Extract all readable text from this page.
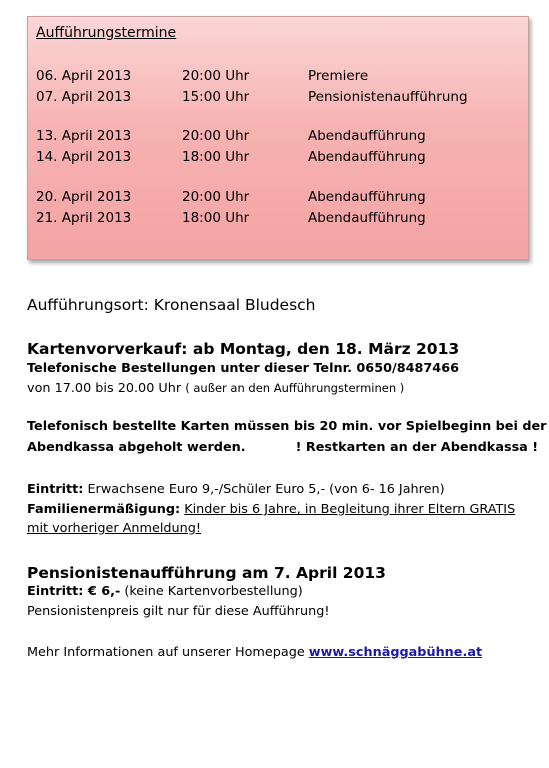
Aufführungstermine
06. April 2013	20:00 Uhr	Premiere
07. April 2013	15:00 Uhr	Pensionistenaufführung
13. April 2013	20:00 Uhr	Abendaufführung
14. April 2013	18:00 Uhr	Abendaufführung
20. April 2013	20:00 Uhr	Abendaufführung
21. April 2013	18:00 Uhr	Abendaufführung
Aufführungsort: Kronensaal Bludesch
Kartenvorverkauf: ab Montag, den 18. März 2013
Telefonische Bestellungen unter dieser Telnr. 0650/8487466
von 17.00 bis 20.00 Uhr ( außer an den Aufführungsterminen )
Telefonisch bestellte Karten müssen bis 20 min. vor Spielbeginn bei der
Abendkassa abgeholt werden.	! Restkarten an der Abendkassa !
Eintritt: Erwachsene Euro 9,-/Schüler Euro 5,- (von 6- 16 Jahren)
Familienermäßigung: Kinder bis 6 Jahre, in Begleitung ihrer Eltern GRATIS
mit vorheriger Anmeldung!
Pensionistenaufführung am 7. April 2013
Eintritt: € 6,- (keine Kartenvorbestellung)
Pensionistenpreis gilt nur für diese Aufführung!
Mehr Informationen auf unserer Homepage www.schnäggabühne.at
